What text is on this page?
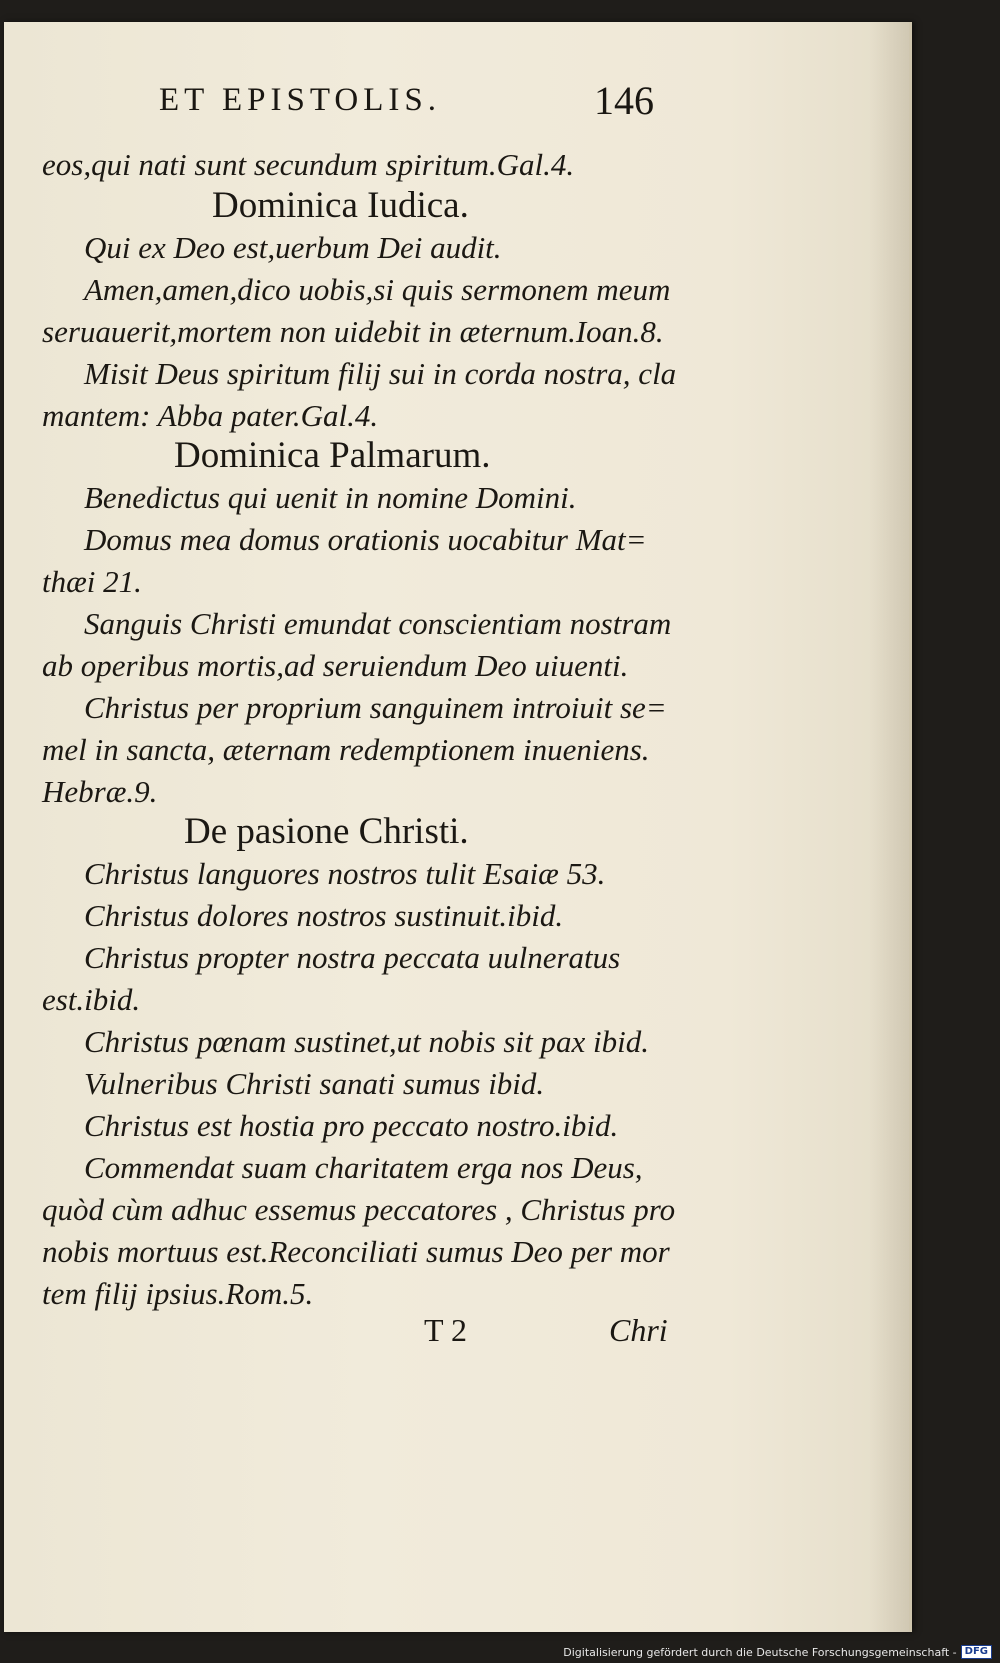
ET EPISTOLIS.	146
eos,qui nati sunt secundum spiritum.Gal.4.
Dominica Iudica.
Qui ex Deo est,uerbum Dei audit.
Amen,amen,dico uobis,si quis sermonem meum
seruauerit,mortem non uidebit in æternum.Ioan.8.
Misit Deus spiritum filij sui in corda nostra, cla
mantem: Abba pater.Gal.4.
Dominica Palmarum.
Benedictus qui uenit in nomine Domini.
Domus mea domus orationis uocabitur Mat=
thæi 21.
Sanguis Christi emundat conscientiam nostram
ab operibus mortis,ad seruiendum Deo uiuenti.
Christus per proprium sanguinem introiuit se=
mel in sancta, æternam redemptionem inueniens.
Hebræ.9.
De pasione Christi.
Christus languores nostros tulit Esaiæ 53.
Christus dolores nostros sustinuit.ibid.
Christus propter nostra peccata uulneratus
est.ibid.
Christus pœnam sustinet,ut nobis sit pax ibid.
Vulneribus Christi sanati sumus ibid.
Christus est hostia pro peccato nostro.ibid.
Commendat suam charitatem erga nos Deus,
quòd cùm adhuc essemus peccatores , Christus pro
nobis mortuus est.Reconciliati sumus Deo per mor
tem filij ipsius.Rom.5.
T 2	Chri
Digitalisierung gefördert durch die Deutsche Forschungsgemeinschaft - DFG
